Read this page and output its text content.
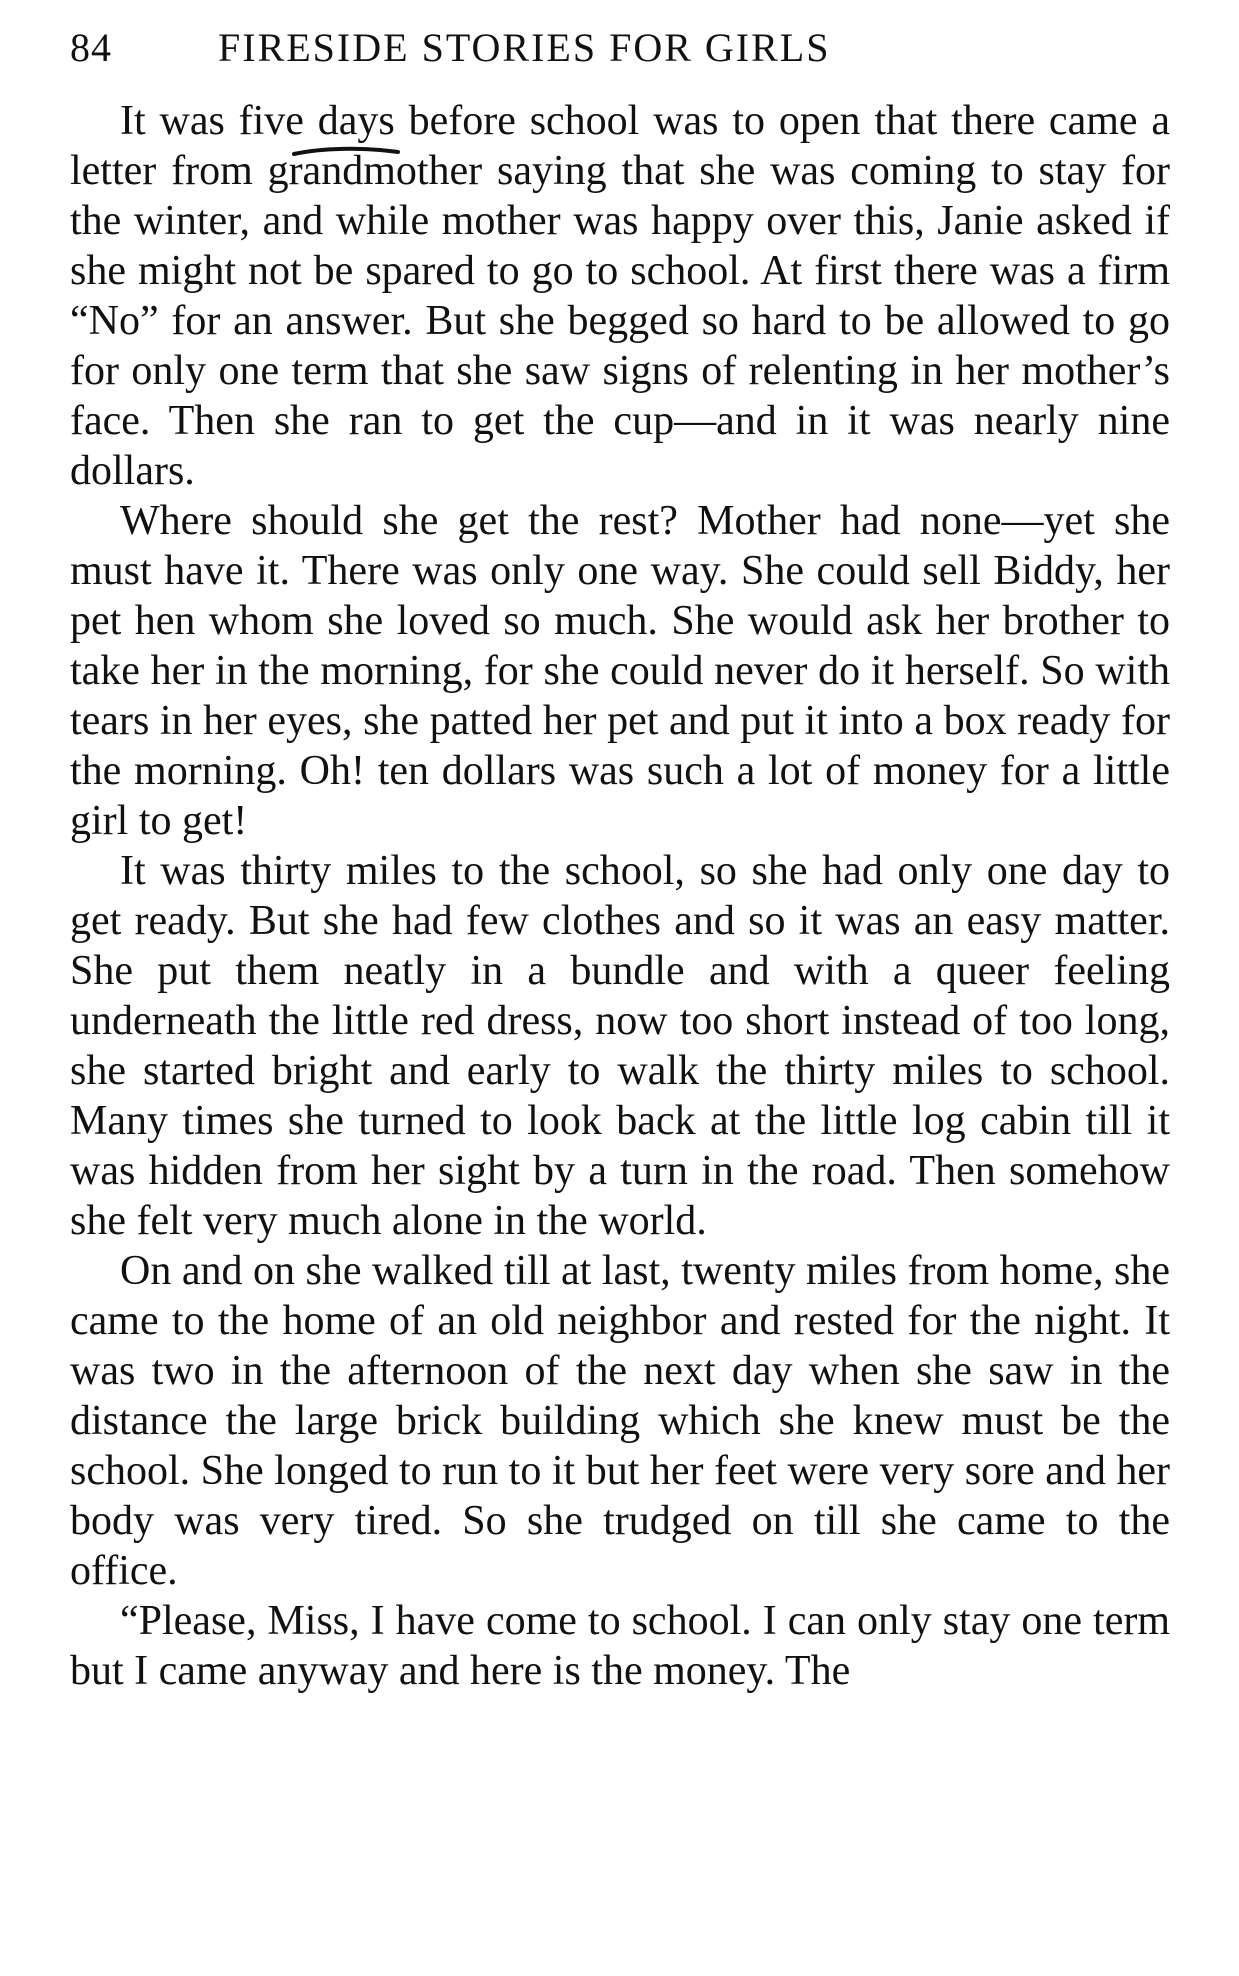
84	FIRESIDE STORIES FOR GIRLS

It was five days before school was to open that there came a letter from grandmother saying that she was coming to stay for the winter, and while mother was happy over this, Janie asked if she might not be spared to go to school. At first there was a firm “No” for an answer. But she begged so hard to be allowed to go for only one term that she saw signs of relenting in her mother’s face. Then she ran to get the cup—and in it was nearly nine dollars.

Where should she get the rest? Mother had none—yet she must have it. There was only one way. She could sell Biddy, her pet hen whom she loved so much. She would ask her brother to take her in the morning, for she could never do it herself. So with tears in her eyes, she patted her pet and put it into a box ready for the morning. Oh! ten dollars was such a lot of money for a little girl to get!

It was thirty miles to the school, so she had only one day to get ready. But she had few clothes and so it was an easy matter. She put them neatly in a bundle and with a queer feeling underneath the little red dress, now too short instead of too long, she started bright and early to walk the thirty miles to school. Many times she turned to look back at the little log cabin till it was hidden from her sight by a turn in the road. Then somehow she felt very much alone in the world.

On and on she walked till at last, twenty miles from home, she came to the home of an old neighbor and rested for the night. It was two in the afternoon of the next day when she saw in the distance the large brick building which she knew must be the school. She longed to run to it but her feet were very sore and her body was very tired. So she trudged on till she came to the office.

“Please, Miss, I have come to school. I can only stay one term but I came anyway and here is the money. The
